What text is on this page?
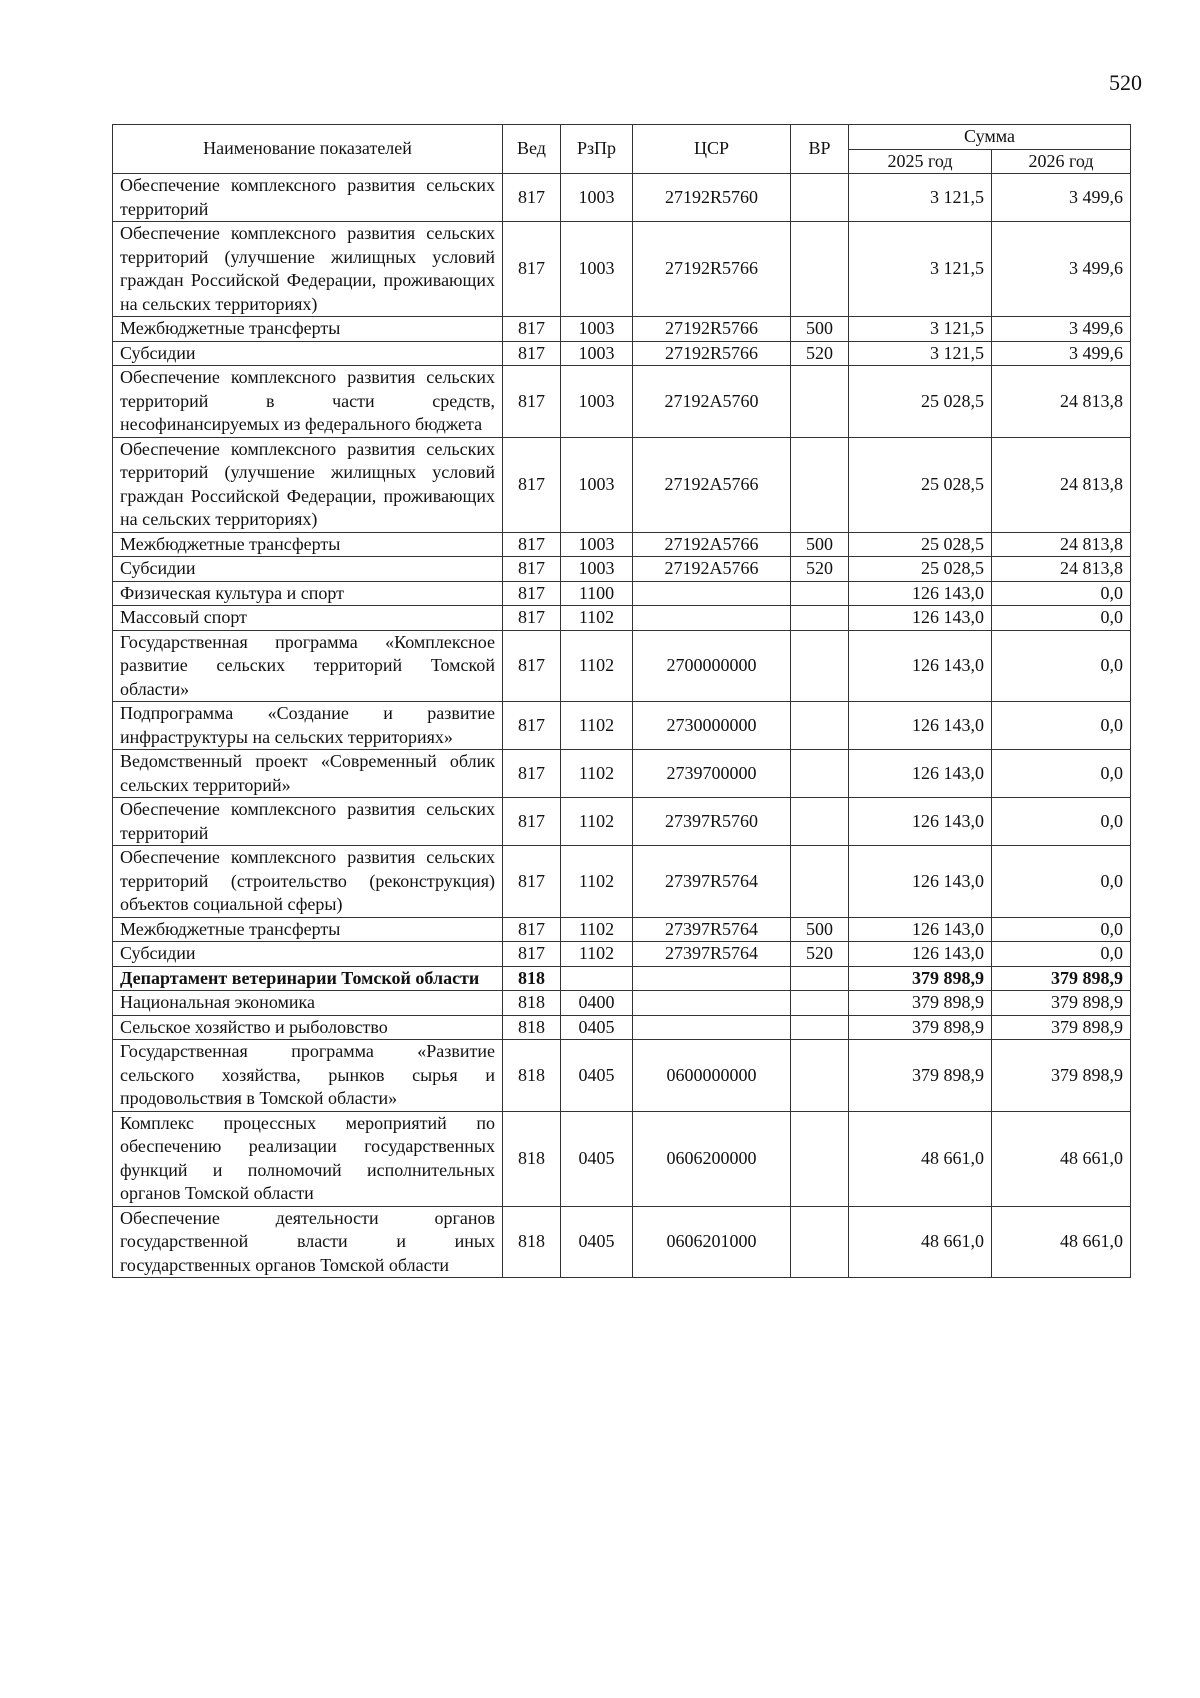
520
Наименование показателей	Вед	РзПр	ЦСР	ВР	Сумма	
					2025 год	2026 год
Обеспечение комплексного развития сельских территорий	817	1003	27192R5760		3 121,5	3 499,6
Обеспечение комплексного развития сельских территорий (улучшение жилищных условий граждан Российской Федерации, проживающих на сельских территориях)	817	1003	27192R5766		3 121,5	3 499,6
Межбюджетные трансферты	817	1003	27192R5766	500	3 121,5	3 499,6
Субсидии	817	1003	27192R5766	520	3 121,5	3 499,6
Обеспечение комплексного развития сельских территорий в части средств, несофинансируемых из федерального бюджета	817	1003	27192А5760		25 028,5	24 813,8
Обеспечение комплексного развития сельских территорий (улучшение жилищных условий граждан Российской Федерации, проживающих на сельских территориях)	817	1003	27192А5766		25 028,5	24 813,8
Межбюджетные трансферты	817	1003	27192А5766	500	25 028,5	24 813,8
Субсидии	817	1003	27192А5766	520	25 028,5	24 813,8
Физическая культура и спорт	817	1100			126 143,0	0,0
Массовый спорт	817	1102			126 143,0	0,0
Государственная программа «Комплексное развитие сельских территорий Томской области»	817	1102	2700000000		126 143,0	0,0
Подпрограмма «Создание и развитие инфраструктуры на сельских территориях»	817	1102	2730000000		126 143,0	0,0
Ведомственный проект «Современный облик сельских территорий»	817	1102	2739700000		126 143,0	0,0
Обеспечение комплексного развития сельских территорий	817	1102	27397R5760		126 143,0	0,0
Обеспечение комплексного развития сельских территорий (строительство (реконструкция) объектов социальной сферы)	817	1102	27397R5764		126 143,0	0,0
Межбюджетные трансферты	817	1102	27397R5764	500	126 143,0	0,0
Субсидии	817	1102	27397R5764	520	126 143,0	0,0
Департамент ветеринарии Томской области	818				379 898,9	379 898,9
Национальная экономика	818	0400			379 898,9	379 898,9
Сельское хозяйство и рыболовство	818	0405			379 898,9	379 898,9
Государственная программа «Развитие сельского хозяйства, рынков сырья и продовольствия в Томской области»	818	0405	0600000000		379 898,9	379 898,9
Комплекс процессных мероприятий по обеспечению реализации государственных функций и полномочий исполнительных органов Томской области	818	0405	0606200000		48 661,0	48 661,0
Обеспечение деятельности органов государственной власти и иных государственных органов Томской области	818	0405	0606201000		48 661,0	48 661,0
